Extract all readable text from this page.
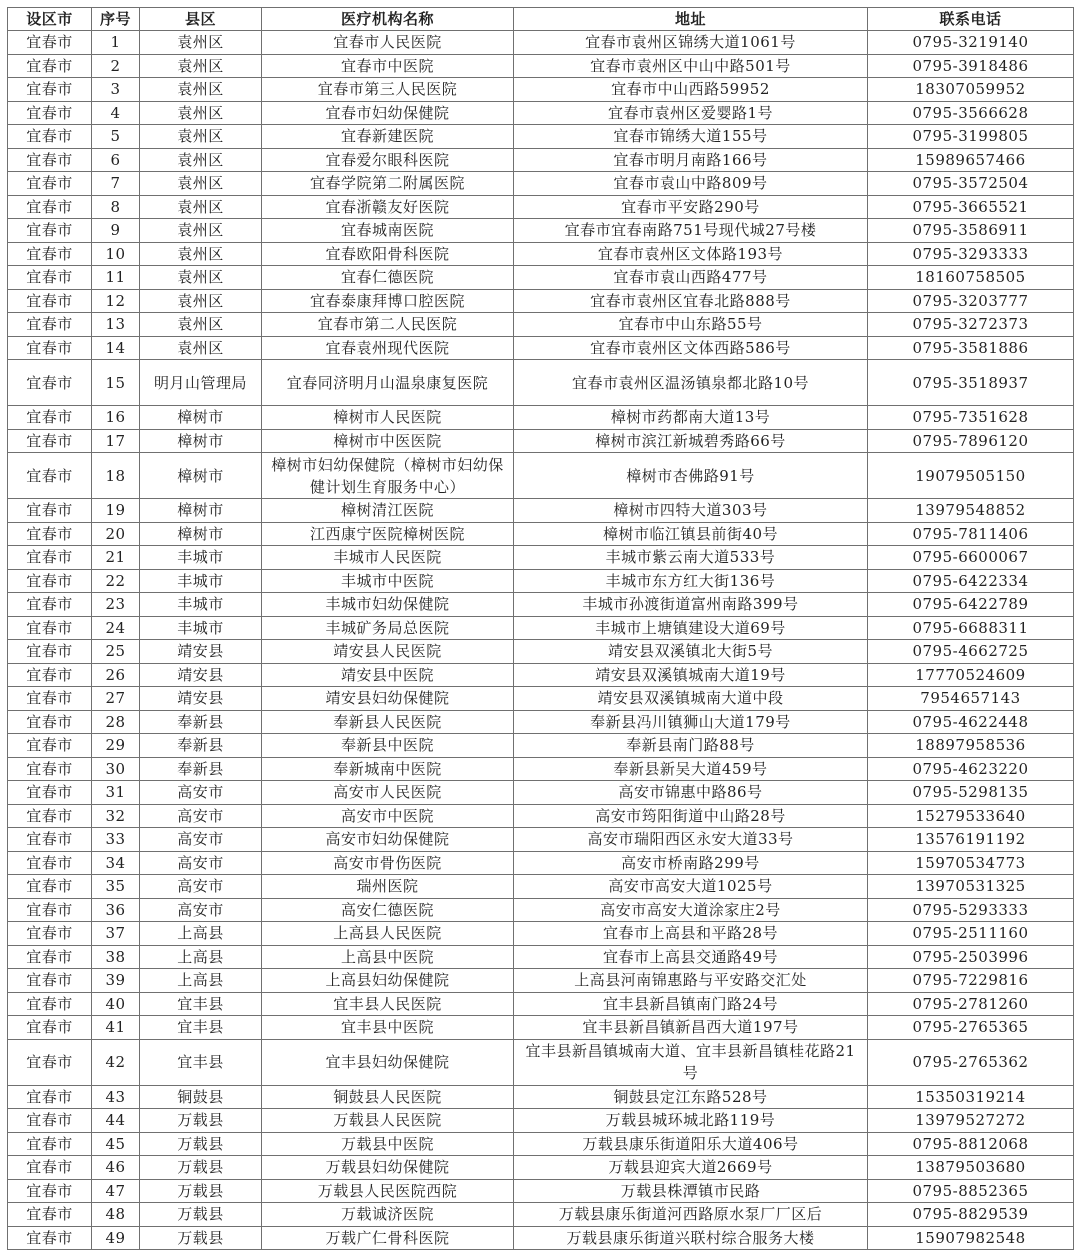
设区市	序号	县区	医疗机构名称	地址	联系电话
宜春市	1	袁州区	宜春市人民医院	宜春市袁州区锦绣大道1061号	0795-3219140
宜春市	2	袁州区	宜春市中医院	宜春市袁州区中山中路501号	0795-3918486
宜春市	3	袁州区	宜春市第三人民医院	宜春市中山西路59952	18307059952
宜春市	4	袁州区	宜春市妇幼保健院	宜春市袁州区爱婴路1号	0795-3566628
宜春市	5	袁州区	宜春新建医院	宜春市锦绣大道155号	0795-3199805
宜春市	6	袁州区	宜春爱尔眼科医院	宜春市明月南路166号	15989657466
宜春市	7	袁州区	宜春学院第二附属医院	宜春市袁山中路809号	0795-3572504
宜春市	8	袁州区	宜春浙赣友好医院	宜春市平安路290号	0795-3665521
宜春市	9	袁州区	宜春城南医院	宜春市宜春南路751号现代城27号楼	0795-3586911
宜春市	10	袁州区	宜春欧阳骨科医院	宜春市袁州区文体路193号	0795-3293333
宜春市	11	袁州区	宜春仁德医院	宜春市袁山西路477号	18160758505
宜春市	12	袁州区	宜春泰康拜博口腔医院	宜春市袁州区宜春北路888号	0795-3203777
宜春市	13	袁州区	宜春市第二人民医院	宜春市中山东路55号	0795-3272373
宜春市	14	袁州区	宜春袁州现代医院	宜春市袁州区文体西路586号	0795-3581886
宜春市	15	明月山管理局	宜春同济明月山温泉康复医院	宜春市袁州区温汤镇泉都北路10号	0795-3518937
宜春市	16	樟树市	樟树市人民医院	樟树市药都南大道13号	0795-7351628
宜春市	17	樟树市	樟树市中医医院	樟树市滨江新城碧秀路66号	0795-7896120
宜春市	18	樟树市	樟树市妇幼保健院（樟树市妇幼保健计划生育服务中心）	樟树市杏佛路91号	19079505150
宜春市	19	樟树市	樟树清江医院	樟树市四特大道303号	13979548852
宜春市	20	樟树市	江西康宁医院樟树医院	樟树市临江镇县前街40号	0795-7811406
宜春市	21	丰城市	丰城市人民医院	丰城市紫云南大道533号	0795-6600067
宜春市	22	丰城市	丰城市中医院	丰城市东方红大街136号	0795-6422334
宜春市	23	丰城市	丰城市妇幼保健院	丰城市孙渡街道富州南路399号	0795-6422789
宜春市	24	丰城市	丰城矿务局总医院	丰城市上塘镇建设大道69号	0795-6688311
宜春市	25	靖安县	靖安县人民医院	靖安县双溪镇北大街5号	0795-4662725
宜春市	26	靖安县	靖安县中医院	靖安县双溪镇城南大道19号	17770524609
宜春市	27	靖安县	靖安县妇幼保健院	靖安县双溪镇城南大道中段	7954657143
宜春市	28	奉新县	奉新县人民医院	奉新县冯川镇狮山大道179号	0795-4622448
宜春市	29	奉新县	奉新县中医院	奉新县南门路88号	18897958536
宜春市	30	奉新县	奉新城南中医院	奉新县新吴大道459号	0795-4623220
宜春市	31	高安市	高安市人民医院	高安市锦惠中路86号	0795-5298135
宜春市	32	高安市	高安市中医院	高安市筠阳街道中山路28号	15279533640
宜春市	33	高安市	高安市妇幼保健院	高安市瑞阳西区永安大道33号	13576191192
宜春市	34	高安市	高安市骨伤医院	高安市桥南路299号	15970534773
宜春市	35	高安市	瑞州医院	高安市高安大道1025号	13970531325
宜春市	36	高安市	高安仁德医院	高安市高安大道涂家庄2号	0795-5293333
宜春市	37	上高县	上高县人民医院	宜春市上高县和平路28号	0795-2511160
宜春市	38	上高县	上高县中医院	宜春市上高县交通路49号	0795-2503996
宜春市	39	上高县	上高县妇幼保健院	上高县河南锦惠路与平安路交汇处	0795-7229816
宜春市	40	宜丰县	宜丰县人民医院	宜丰县新昌镇南门路24号	0795-2781260
宜春市	41	宜丰县	宜丰县中医院	宜丰县新昌镇新昌西大道197号	0795-2765365
宜春市	42	宜丰县	宜丰县妇幼保健院	宜丰县新昌镇城南大道、宜丰县新昌镇桂花路21号	0795-2765362
宜春市	43	铜鼓县	铜鼓县人民医院	铜鼓县定江东路528号	15350319214
宜春市	44	万载县	万载县人民医院	万载县城环城北路119号	13979527272
宜春市	45	万载县	万载县中医院	万载县康乐街道阳乐大道406号	0795-8812068
宜春市	46	万载县	万载县妇幼保健院	万载县迎宾大道2669号	13879503680
宜春市	47	万载县	万载县人民医院西院	万载县株潭镇市民路	0795-8852365
宜春市	48	万载县	万载诚济医院	万载县康乐街道河西路原水泵厂厂区后	0795-8829539
宜春市	49	万载县	万载广仁骨科医院	万载县康乐街道兴联村综合服务大楼	15907982548
